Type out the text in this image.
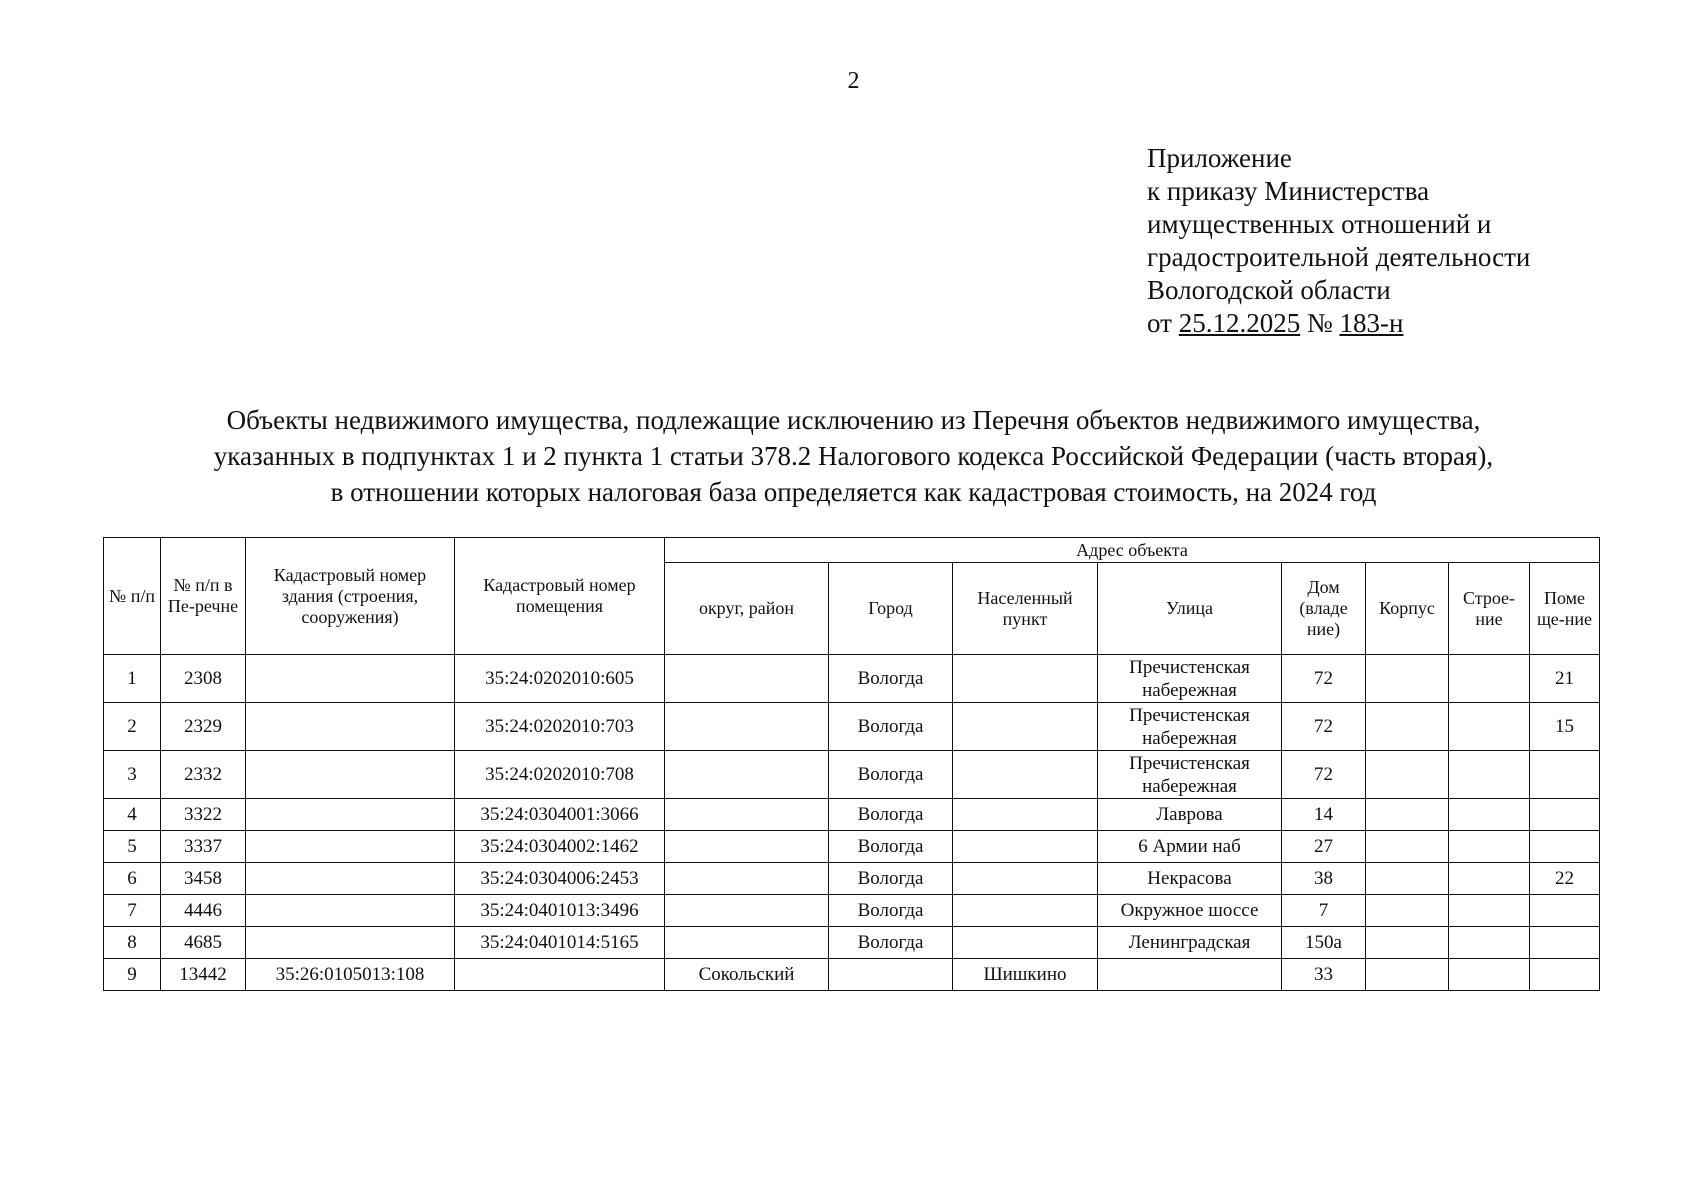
2
Приложение
к приказу Министерства
имущественных отношений и
градостроительной деятельности
Вологодской области
от 25.12.2025 № 183-н
Объекты недвижимого имущества, подлежащие исключению из Перечня объектов недвижимого имущества,
указанных в подпунктах 1 и 2 пункта 1 статьи 378.2 Налогового кодекса Российской Федерации (часть вторая),
в отношении которых налоговая база определяется как кадастровая стоимость, на 2024 год
№ п/п	№ п/п в Пе-речне	Кадастровый номер здания (строения, сооружения)	Кадастровый номер помещения	Адрес объекта							
				округ, район	Город	Населенный пункт	Улица	Дом (владе ние)	Корпус	Строе-ние	Поме ще-ние
1	2308		35:24:0202010:605		Вологда		Пречистенская набережная	72			21
2	2329		35:24:0202010:703		Вологда		Пречистенская набережная	72			15
3	2332		35:24:0202010:708		Вологда		Пречистенская набережная	72			
4	3322		35:24:0304001:3066		Вологда		Лаврова	14			
5	3337		35:24:0304002:1462		Вологда		6 Армии наб	27			
6	3458		35:24:0304006:2453		Вологда		Некрасова	38			22
7	4446		35:24:0401013:3496		Вологда		Окружное шоссе	7			
8	4685		35:24:0401014:5165		Вологда		Ленинградская	150а			
9	13442	35:26:0105013:108		Сокольский		Шишкино		33			
